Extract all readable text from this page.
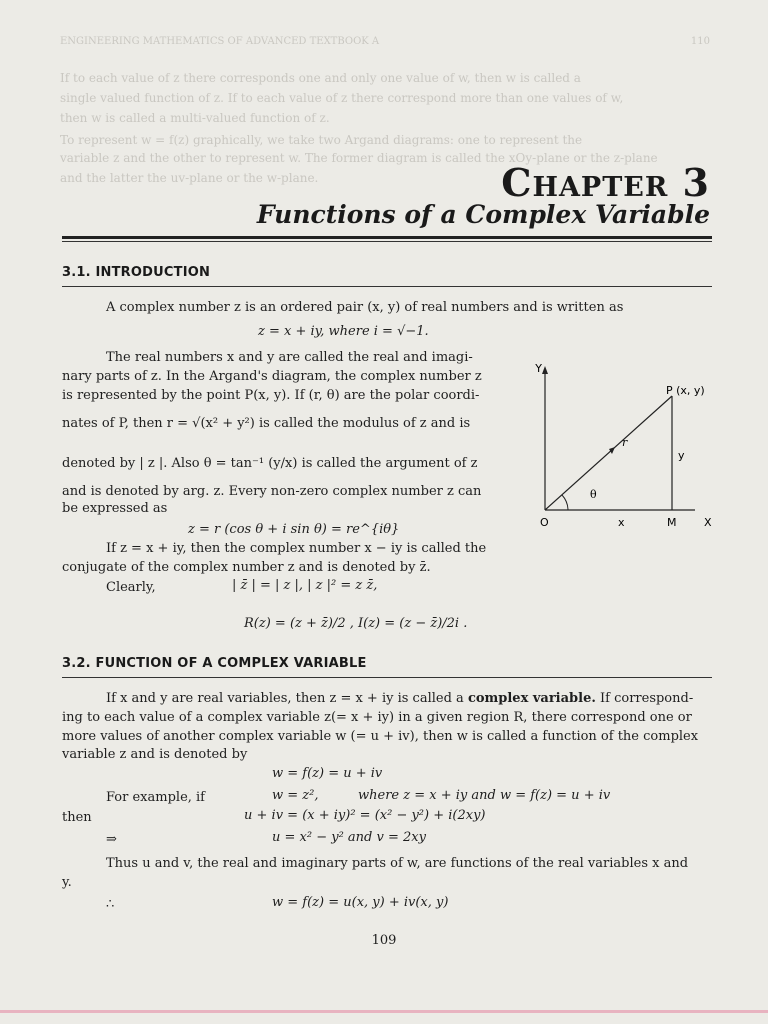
ENGINEERING MATHEMATICS OF ADVANCED TEXTBOOK A	110
If to each value of z there corresponds one and only one value of w, then w is called a
single valued function of z. If to each value of z there correspond more than one values of w,
then w is called a multi-valued function of z.
To represent w = f(z) graphically, we take two Argand diagrams: one to represent the
variable z and the other to represent w. The former diagram is called the xOy-plane or the z-plane
and the latter the uv-plane or the w-plane.	Chapter 3
Functions of a Complex Variable
3.1. INTRODUCTION
A complex number z is an ordered pair (x, y) of real numbers and is written as
z = x + iy, where i = √−1.
The real numbers x and y are called the real and imagi-
nary parts of z. In the Argand's diagram, the complex number z
is represented by the point P(x, y). If (r, θ) are the polar coordi-
nates of P, then r = √(x² + y²) is called the modulus of z and is
denoted by | z |. Also θ = tan⁻¹ (y/x) is called the argument of z
and is denoted by arg. z. Every non-zero complex number z can
be expressed as
z = r (cos θ + i sin θ) = re^{iθ}
If z = x + iy, then the complex number x − iy is called the
conjugate of the complex number z and is denoted by z̄.
Clearly,	| z̄ | = | z |, | z |² = z z̄,
R(z) = (z + z̄)/2 , I(z) = (z − z̄)/2i .
Y
X
O
P (x, y)
x
y
r
θ
M
3.2. FUNCTION OF A COMPLEX VARIABLE
If x and y are real variables, then z = x + iy is called a complex variable. If correspond-
ing to each value of a complex variable z(= x + iy) in a given region R, there correspond one or
more values of another complex variable w (= u + iv), then w is called a function of the complex
variable z and is denoted by
w = f(z) = u + iv
For example, if	w = z²,	where z = x + iy and w = f(z) = u + iv
then	u + iv = (x + iy)² = (x² − y²) + i(2xy)
⇒	u = x² − y² and v = 2xy
Thus u and v, the real and imaginary parts of w, are functions of the real variables x and
y.
∴	w = f(z) = u(x, y) + iv(x, y)
109
